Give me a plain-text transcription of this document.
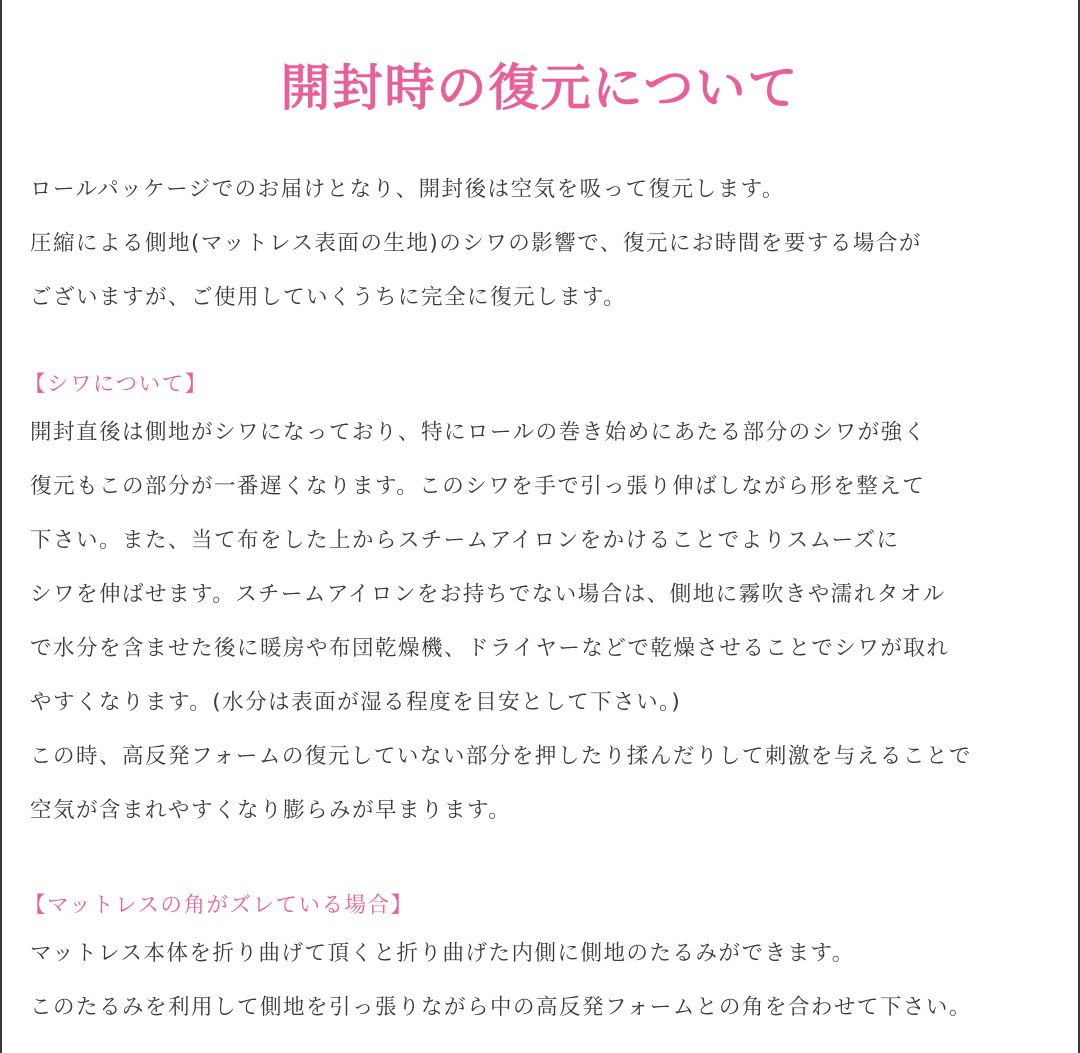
開封時の復元について
ロールパッケージでのお届けとなり、開封後は空気を吸って復元します。
圧縮による側地(マットレス表面の生地)のシワの影響で、復元にお時間を要する場合が
ございますが、ご使用していくうちに完全に復元します。
【シワについて】
開封直後は側地がシワになっており、特にロールの巻き始めにあたる部分のシワが強く
復元もこの部分が一番遅くなります。このシワを手で引っ張り伸ばしながら形を整えて
下さい。また、当て布をした上からスチームアイロンをかけることでよりスムーズに
シワを伸ばせます。スチームアイロンをお持ちでない場合は、側地に霧吹きや濡れタオル
で水分を含ませた後に暖房や布団乾燥機、ドライヤーなどで乾燥させることでシワが取れ
やすくなります。(水分は表面が湿る程度を目安として下さい。)
この時、高反発フォームの復元していない部分を押したり揉んだりして刺激を与えることで
空気が含まれやすくなり膨らみが早まります。
【マットレスの角がズレている場合】
マットレス本体を折り曲げて頂くと折り曲げた内側に側地のたるみができます。
このたるみを利用して側地を引っ張りながら中の高反発フォームとの角を合わせて下さい。
